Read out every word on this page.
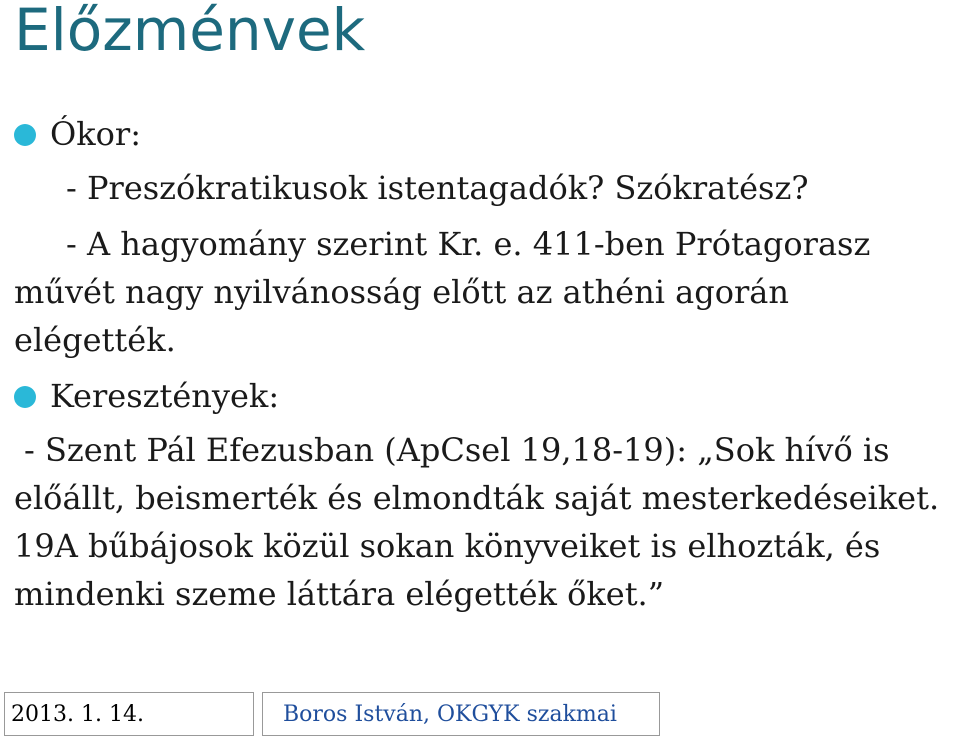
Előzménvek
Ókor:
- Preszókratikusok istentagadók? Szókratész?
- A hagyomány szerint Kr. e. 411-ben Prótagorasz
művét nagy nyilvánosság előtt az athéni agorán
elégették.
Keresztények:
- Szent Pál Efezusban (ApCsel 19,18-19): „Sok hívő is
előállt, beismerték és elmondták saját mesterkedéseiket.
19A bűbájosok közül sokan könyveiket is elhozták, és
mindenki szeme láttára elégették őket.”
2013. 1. 14.	Boros István, OKGYK szakmai
